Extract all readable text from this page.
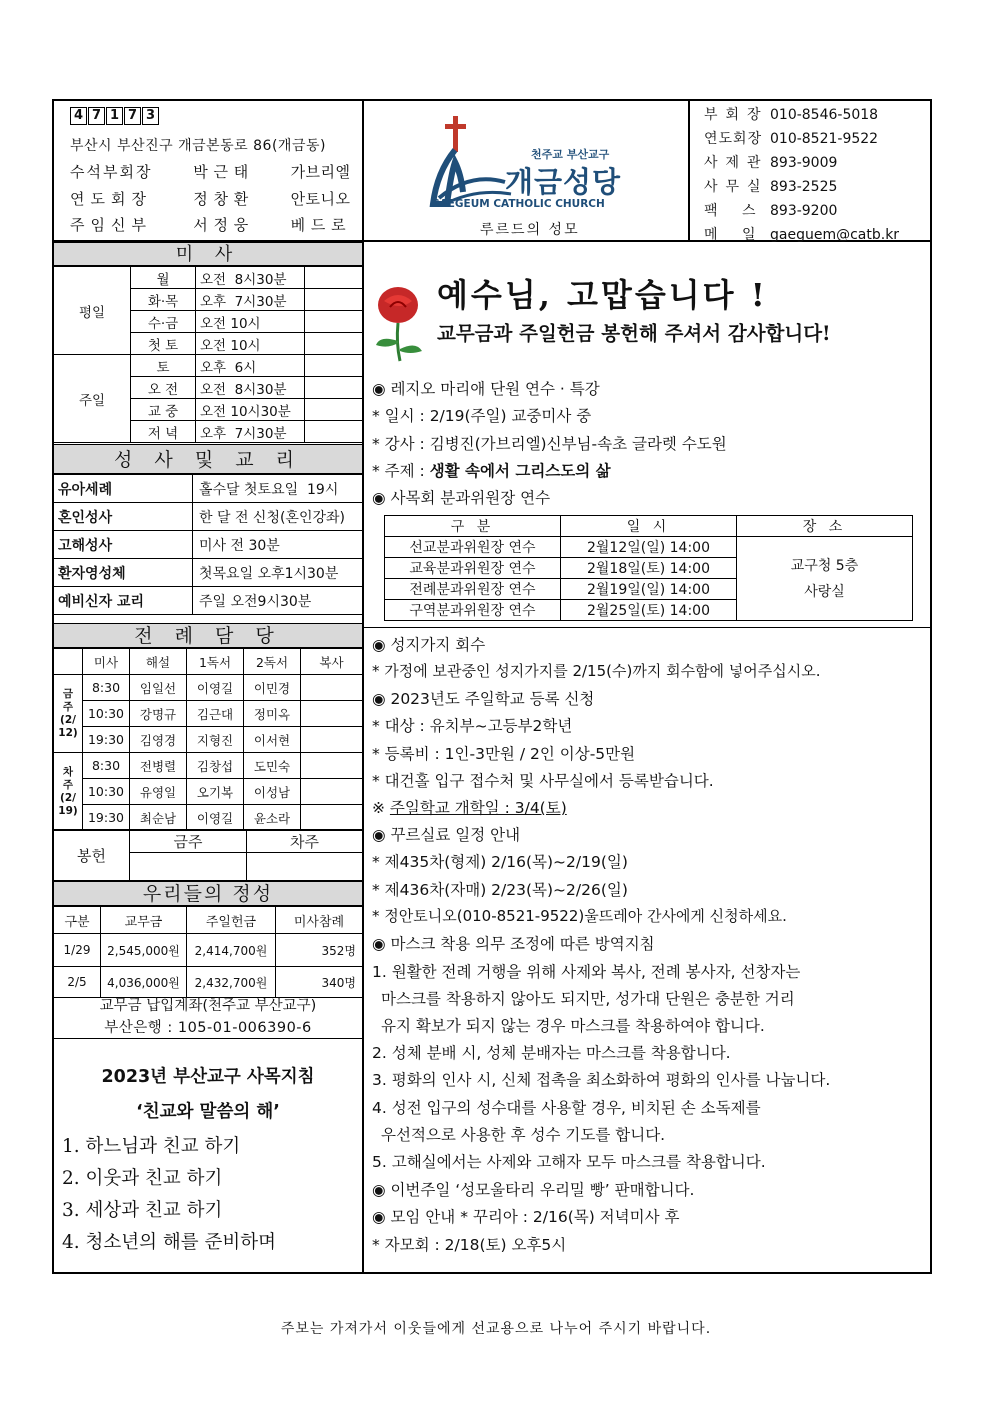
4 7 1 7 3
부산시 부산진구 개금본동로 86(개금동)
수석부회장	박 근 태	가브리엘
연도회장	정 창 환	안토니오
주임신부	서 정 웅	베 드 로
천주교 부산교구
개금성당
GAEGEUM CATHOLIC CHURCH
루르드의 성모
부회장010-8546-5018
연도회장 010-8521-9522
사제관893-9009
사무실893-2525
팩 스 893-9200
메 일 gaeguem@catb.kr
미 사
평일	월	오전  8시30분	
	화·목	오후  7시30분	
	수·금	오전 10시	
	첫 토	오전 10시	
주일	토	오후  6시	
	오 전	오전  8시30분	
	교 중	오전 10시30분	
	저 녁	오후  7시30분	
성 사 및 교 리
유아세례	홀수달 첫토요일  19시
혼인성사	한 달 전 신청(혼인강좌)
고해성사	미사 전 30분
환자영성체	첫목요일 오후1시30분
예비신자 교리	주일 오전9시30분
전 례 담 당
	미사	해설	1독서	2독서	복사
금
주
(2/
12)	8:30	임일선	이영길	이민경	
	10:30	강명규	김근대	정미옥	
	19:30	김영경	지형진	이서현	
차
주
(2/
19)	8:30	전병렬	김창섭	도민숙	
	10:30	유영일	오기복	이성남	
	19:30	최순남	이영길	윤소라	
봉헌	금주	차주

우리들의 정성
구분	교무금	주일헌금	미사참례
1/29	2,545,000원	2,414,700원	352명
2/5	4,036,000원	2,432,700원	340명
교무금 납입계좌(천주교 부산교구)
부산은행 : 105-01-006390-6
2023년 부산교구 사목지침
‘친교와 말씀의 해’
1. 하느님과 친교 하기
2. 이웃과 친교 하기
3. 세상과 친교 하기
4. 청소년의 해를 준비하며
예수님, 고맙습니다 !
교무금과 주일헌금 봉헌해 주셔서 감사합니다!
◉ 레지오 마리애 단원 연수 · 특강
* 일시 : 2/19(주일) 교중미사 중
* 강사 : 김병진(가브리엘)신부님-속초 글라렛 수도원
* 주제 : 생활 속에서 그리스도의 삶
◉ 사목회 분과위원장 연수
구 분	일 시	장 소
선교분과위원장 연수	2월12일(일) 14:00	교구청 5층
사랑실

교육분과위원장 연수	2월18일(토) 14:00	
전례분과위원장 연수	2월19일(일) 14:00	
구역분과위원장 연수	2월25일(토) 14:00	
◉ 성지가지 회수
* 가정에 보관중인 성지가지를 2/15(수)까지 회수함에 넣어주십시오.
◉ 2023년도 주일학교 등록 신청
* 대상 : 유치부~고등부2학년
* 등록비 : 1인-3만원 / 2인 이상-5만원
* 대건홀 입구 접수처 및 사무실에서 등록받습니다.
※ 주일학교 개학일 : 3/4(토)
◉ 꾸르실료 일정 안내
* 제435차(형제) 2/16(목)~2/19(일)
* 제436차(자매) 2/23(목)~2/26(일)
* 정안토니오(010-8521-9522)울뜨레아 간사에게 신청하세요.
◉ 마스크 착용 의무 조정에 따른 방역지침
1. 원활한 전례 거행을 위해 사제와 복사, 전례 봉사자, 선창자는
마스크를 착용하지 않아도 되지만, 성가대 단원은 충분한 거리
유지 확보가 되지 않는 경우 마스크를 착용하여야 합니다.
2. 성체 분배 시, 성체 분배자는 마스크를 착용합니다.
3. 평화의 인사 시, 신체 접촉을 최소화하여 평화의 인사를 나눕니다.
4. 성전 입구의 성수대를 사용할 경우, 비치된 손 소독제를
우선적으로 사용한 후 성수 기도를 합니다.
5. 고해실에서는 사제와 고해자 모두 마스크를 착용합니다.
◉ 이번주일 ‘성모울타리 우리밀 빵’ 판매합니다.
◉ 모임 안내 * 꾸리아 : 2/16(목) 저녁미사 후
* 자모회 : 2/18(토) 오후5시
주보는 가져가서 이웃들에게 선교용으로 나누어 주시기 바랍니다.
